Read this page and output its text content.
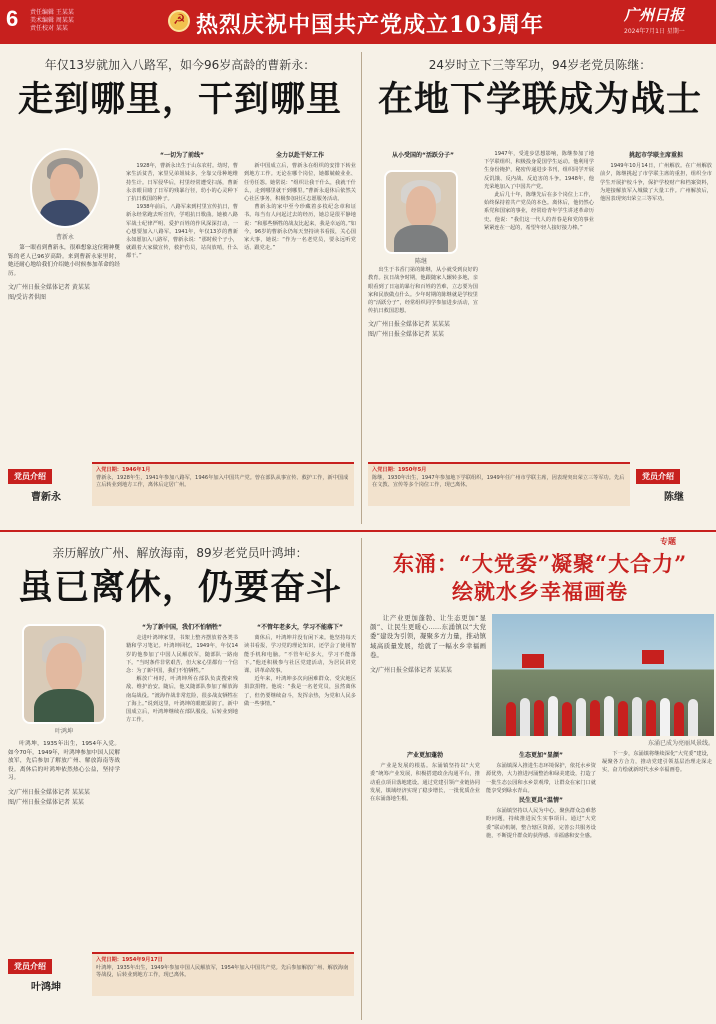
6 责任编辑 王某某
美术编辑 周某某
责任校对 某某
☭	热烈庆祝中国共产党成立103周年	广州日报
2024年7月1日 星期一
年仅13岁就加入八路军，如今96岁高龄的曹新永：
走到哪里，干到哪里
曹新永

第一眼看到曹新永，很难想象这位精神矍铄的老人已96岁高龄。来到曹新永家里时，她还耐心地给我们介绍她小时候参加革命的经历。

文/广州日报全媒体记者 黄某某
图/受访者供图
“一切为了前线”

1928年，曹新永出生于山东农村。幼时，曹家生活贫苦，家里兄弟姐妹多，全靠父母种地维持生计。日军侵华后，村里经常遭受扫荡，曹新永亲眼目睹了日军的残暴行径，幼小的心灵种下了抗日救国的种子。

1938年前后，八路军来到村里宣传抗日，曹新永经常跑去听宣传，学唱抗日歌曲。她被八路军战士纪律严明、爱护百姓的作风深深打动，一心想要加入八路军。1941年，年仅13岁的曹新永如愿加入八路军，曹新永说：“那时候个子小，就跟着大家做宣传，救护伤员，站岗放哨，什么都干。”

全力以赴干好工作

新中国成立后，曹新永在组织的安排下转业到地方工作。无论在哪个岗位，她都兢兢业业、任劳任怨。她常说：“组织让我干什么，我就干什么，走到哪里就干到哪里。”曹新永退休后依然关心社区事务，积极参加社区志愿服务活动。

曹新永的家中至今珍藏着多枚纪念章和证书。每当有人问起过去的经历，她总是很平静地说：“和那些牺牲的战友比起来，我是幸运的。”如今，96岁的曹新永仍每天坚持读书看报，关心国家大事，她说：“作为一名老党员，要永远听党话、跟党走。”

党员介绍
曹新永
入党日期：1946年1月
曹新永，1928年生，1941年参加八路军，1946年加入中国共产党。曾在部队从事宣传、救护工作，新中国成立后转业到地方工作，离休后定居广州。
24岁时立下三等军功，94岁老党员陈继：
在地下学联成为战士
从小受国的“活跃分子”

出生于书香门第的陈继，从小就受到良好的教育。抗日战争时期，他跟随家人辗转多地，亲眼看到了日寇的暴行和百姓的苦难，立志要为国家和民族做点什么。少年时期的陈继就是学校里的“活跃分子”，经常组织同学参加进步活动，宣传抗日救国思想。

文/广州日报全媒体记者 某某某
图/广州日报全媒体记者 某某
陈继

1947年，受进步思想影响，陈继参加了地下学联组织，积极投身爱国学生运动。他利用学生身份掩护，秘密传递进步书刊，组织同学开展反饥饿、反内战、反迫害的斗争。1948年，他光荣地加入了中国共产党。

此后几十年，陈继先后在多个岗位上工作，始终保持着共产党员的本色。离休后，他仍然心系党和国家的事业，经常给青年学生讲述革命历史。他说：“我们这一代人的青春是和党的事业紧紧连在一起的，希望年轻人接好接力棒。”

挑起市学联主席重担

1949年10月14日，广州解放。在广州解放前夕，陈继挑起了市学联主席的重担，组织全市学生开展护校斗争，保护学校财产和档案资料，为迎接解放军入城做了大量工作。广州解放后，他因表现突出荣立三等军功。

入党日期：1950年5月
陈继，1930年出生，1947年参加地下学联组织，1949年任广州市学联主席，因表现突出荣立三等军功。先后在文教、宣传等多个岗位工作，现已离休。
党员介绍
陈继
亲历解放广州、解放海南，89岁老党员叶鸿坤：
虽已离休，仍要奋斗
叶鸿坤

叶鸿坤，1935年出生，1954年入党。如今70年，1949年，叶鸿坤参加中国人民解放军，先后参加了解放广州、解放海南等战役。离休后的叶鸿坤依然热心公益，坚持学习。

文/广州日报全媒体记者 某某某
图/广州日报全媒体记者 某某
“为了新中国，我们不怕牺牲”

走进叶鸿坤家里，书架上整齐摆放着各类书籍和学习笔记。叶鸿坤回忆，1949年，年仅14岁的他参加了中国人民解放军，随部队一路南下。“当时条件非常艰苦，但大家心里都有一个信念：为了新中国，我们不怕牺牲。”

解放广州时，叶鸿坤所在部队负责搜索残敌、维护治安。随后，他又随部队参加了解放海南岛战役。“渡海作战非常危险，很多战友牺牲在了海上。”说到这里，叶鸿坤的眼眶湿润了。新中国成立后，叶鸿坤继续在部队服役，后转业到地方工作。

“不管年老多大，学习不能落下”

离休后，叶鸿坤并没有闲下来。他坚持每天读书看报，学习党的理论知识，还学会了使用智能手机和电脑。“不管年纪多大，学习不能落下。”他还积极参与社区党建活动，为居民讲党课、讲革命故事。

近年来，叶鸿坤多次向困难群众、受灾地区捐款捐物。他说：“我是一名老党员，虽然离休了，但仍要继续奋斗，发挥余热，为党和人民多做一些事情。”

党员介绍
叶鸿坤
入党日期：1954年9月17日
叶鸿坤，1935年出生，1949年参加中国人民解放军，1954年加入中国共产党。先后参加解放广州、解放海南等战役，后转业到地方工作，现已离休。
专题
东涌：“大党委”凝聚“大合力”
绘就水乡幸福画卷

让产业更加蓬勃、让生态更加“显颜”、让民生更暖心……东涌镇以“大党委”建设为引领，凝聚多方力量，推动镇域高质量发展，绘就了一幅水乡幸福画卷。

文/广州日报全媒体记者 某某某
东涌已成为亮丽风景线。
产业更加蓬勃

产业是发展的根基。东涌镇坚持以“大党委”统筹产业发展，积极搭建政企沟通平台，推动重点项目落地建设。通过党建引领产业链协同发展，镇域经济实现了稳步增长，一批优质企业在东涌落地生根。

生态更加“显颜”

东涌镇深入推进生态环境保护，依托水乡资源优势，大力推进河涌整治和绿美建设，打造了一批生态公园和水乡景观带，让群众在家门口就能享受到绿水青山。

民生更具“温情”

东涌镇坚持以人民为中心，聚焦群众急难愁盼问题，持续推进民生实事项目。通过“大党委”联动机制，整合辖区资源，完善公共服务设施，不断提升群众的获得感、幸福感和安全感。

下一步，东涌镇将继续深化“大党委”建设，凝聚各方合力，推动党建引领基层治理走深走实，奋力绘就新时代水乡幸福画卷。
